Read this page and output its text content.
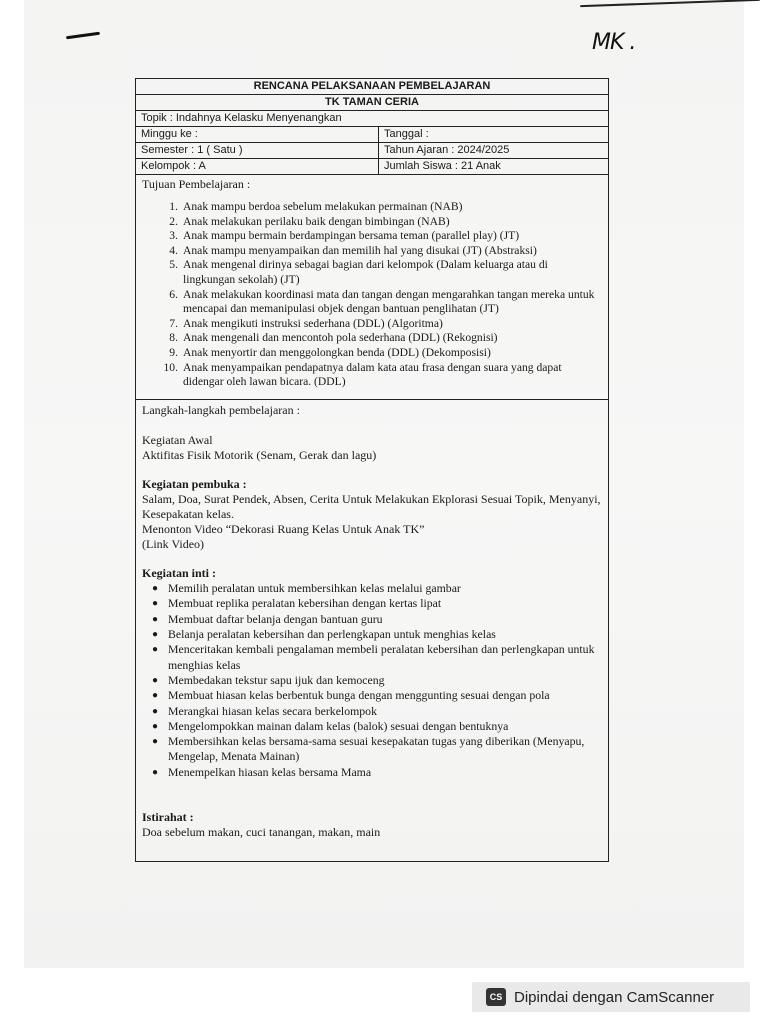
MK .
RENCANA PELAKSANAAN PEMBELAJARAN
TK TAMAN CERIA
Topik : Indahnya Kelasku Menyenangkan
Minggu ke :	Tanggal :
Semester : 1 ( Satu )	Tahun Ajaran : 2024/2025
Kelompok : A	Jumlah Siswa : 21 Anak
Tujuan Pembelajaran :
1. Anak mampu berdoa sebelum melakukan permainan (NAB)
2. Anak melakukan perilaku baik dengan bimbingan (NAB)
3. Anak mampu bermain berdampingan bersama teman (parallel play) (JT)
4. Anak mampu menyampaikan dan memilih hal yang disukai (JT) (Abstraksi)
5. Anak mengenal dirinya sebagai bagian dari kelompok (Dalam keluarga atau di lingkungan sekolah) (JT)
6. Anak melakukan koordinasi mata dan tangan dengan mengarahkan tangan mereka untuk mencapai dan memanipulasi objek dengan bantuan penglihatan (JT)
7. Anak mengikuti instruksi sederhana (DDL) (Algoritma)
8. Anak mengenali dan mencontoh pola sederhana (DDL) (Rekognisi)
9. Anak menyortir dan menggolongkan benda (DDL) (Dekomposisi)
10. Anak menyampaikan pendapatnya dalam kata atau frasa dengan suara yang dapat didengar oleh lawan bicara. (DDL)

Langkah-langkah pembelajaran :

Kegiatan Awal

Aktifitas Fisik Motorik (Senam, Gerak dan lagu)

Kegiatan pembuka :

Salam, Doa, Surat Pendek, Absen, Cerita Untuk Melakukan Ekplorasi Sesuai Topik, Menyanyi, Kesepakatan kelas.

Menonton Video “Dekorasi Ruang Kelas Untuk Anak TK”

(Link Video)

Kegiatan inti :

● Memilih peralatan untuk membersihkan kelas melalui gambar
● Membuat replika peralatan kebersihan dengan kertas lipat
● Membuat daftar belanja dengan bantuan guru
● Belanja peralatan kebersihan dan perlengkapan untuk menghias kelas
● Menceritakan kembali pengalaman membeli peralatan kebersihan dan perlengkapan untuk menghias kelas
● Membedakan tekstur sapu ijuk dan kemoceng
● Membuat hiasan kelas berbentuk bunga dengan menggunting sesuai dengan pola
● Merangkai hiasan kelas secara berkelompok
● Mengelompokkan mainan dalam kelas (balok) sesuai dengan bentuknya
● Membersihkan kelas bersama-sama sesuai kesepakatan tugas yang diberikan (Menyapu, Mengelap, Menata Mainan)
● Menempelkan hiasan kelas bersama Mama

Istirahat :

Doa sebelum makan, cuci tanangan, makan, main

CS Dipindai dengan CamScanner
